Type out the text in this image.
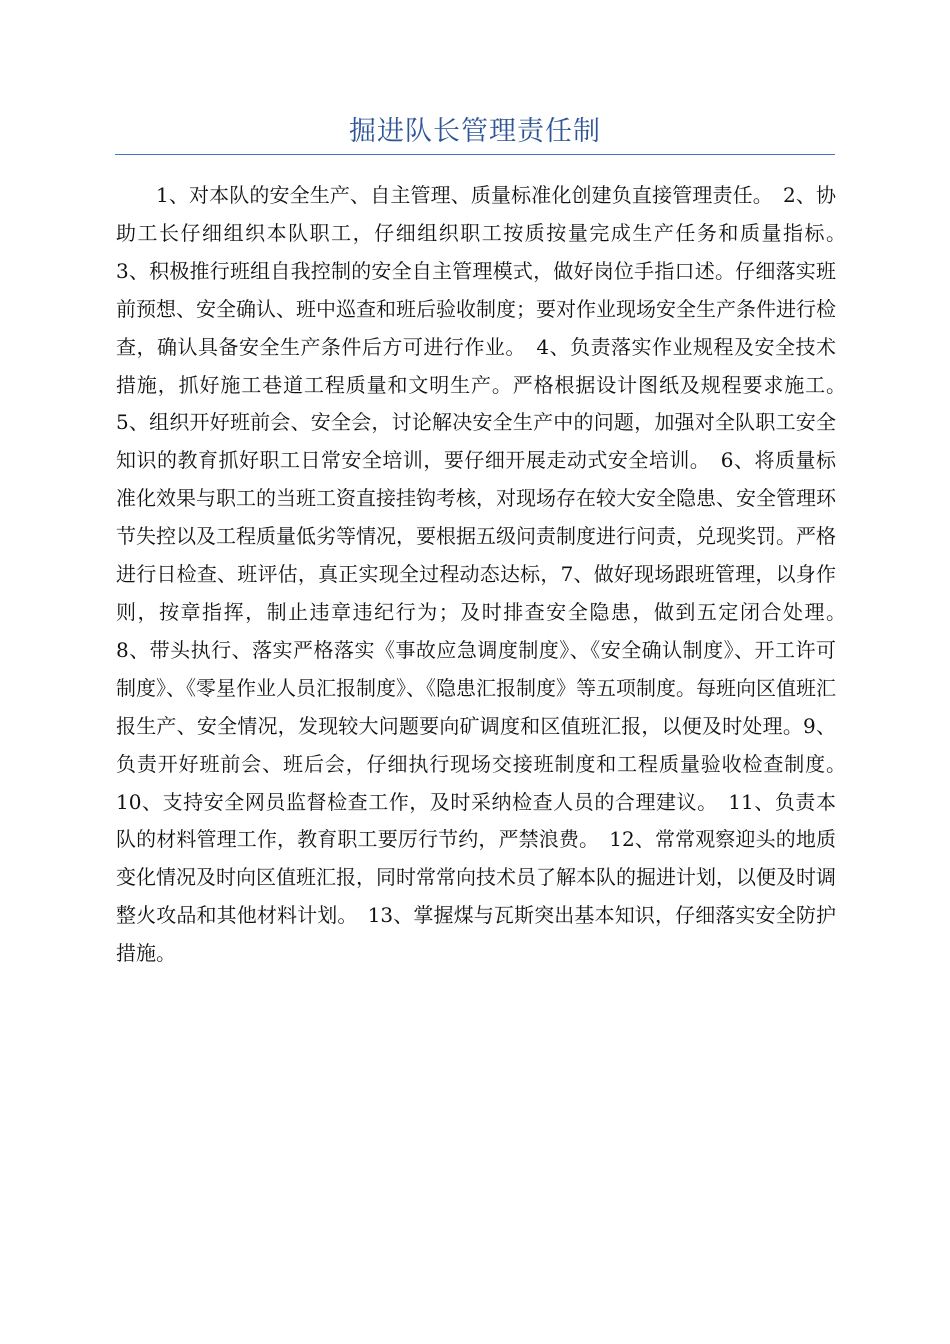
掘进队长管理责任制

1、对本队的安全生产、自主管理、质量标准化创建负直接管理责任。　2、协助工长仔细组织本队职工，仔细组织职工按质按量完成生产任务和质量指标。　3、积极推行班组自我控制的安全自主管理模式，做好岗位手指口述。仔细落实班前预想、安全确认、班中巡查和班后验收制度；要对作业现场安全生产条件进行检查，确认具备安全生产条件后方可进行作业。　4、负责落实作业规程及安全技术措施，抓好施工巷道工程质量和文明生产。严格根据设计图纸及规程要求施工。　5、组织开好班前会、安全会，讨论解决安全生产中的问题，加强对全队职工安全知识的教育抓好职工日常安全培训，要仔细开展走动式安全培训。　6、将质量标准化效果与职工的当班工资直接挂钩考核，对现场存在较大安全隐患、安全管理环节失控以及工程质量低劣等情况，要根据五级问责制度进行问责，兑现奖罚。严格进行日检查、班评估，真正实现全过程动态达标，7、做好现场跟班管理，以身作则，按章指挥，制止违章违纪行为；及时排查安全隐患，做到五定闭合处理。　8、带头执行、落实严格落实《事故应急调度制度》、《安全确认制度》、开工许可制度》、《零星作业人员汇报制度》、《隐患汇报制度》等五项制度。每班向区值班汇报生产、安全情况，发现较大问题要向矿调度和区值班汇报，以便及时处理。9、负责开好班前会、班后会，仔细执行现场交接班制度和工程质量验收检查制度。　10、支持安全网员监督检查工作，及时采纳检查人员的合理建议。　11、负责本队的材料管理工作，教育职工要厉行节约，严禁浪费。　12、常常观察迎头的地质变化情况及时向区值班汇报，同时常常向技术员了解本队的掘进计划，以便及时调整火攻品和其他材料计划。　13、掌握煤与瓦斯突出基本知识，仔细落实安全防护措施。
